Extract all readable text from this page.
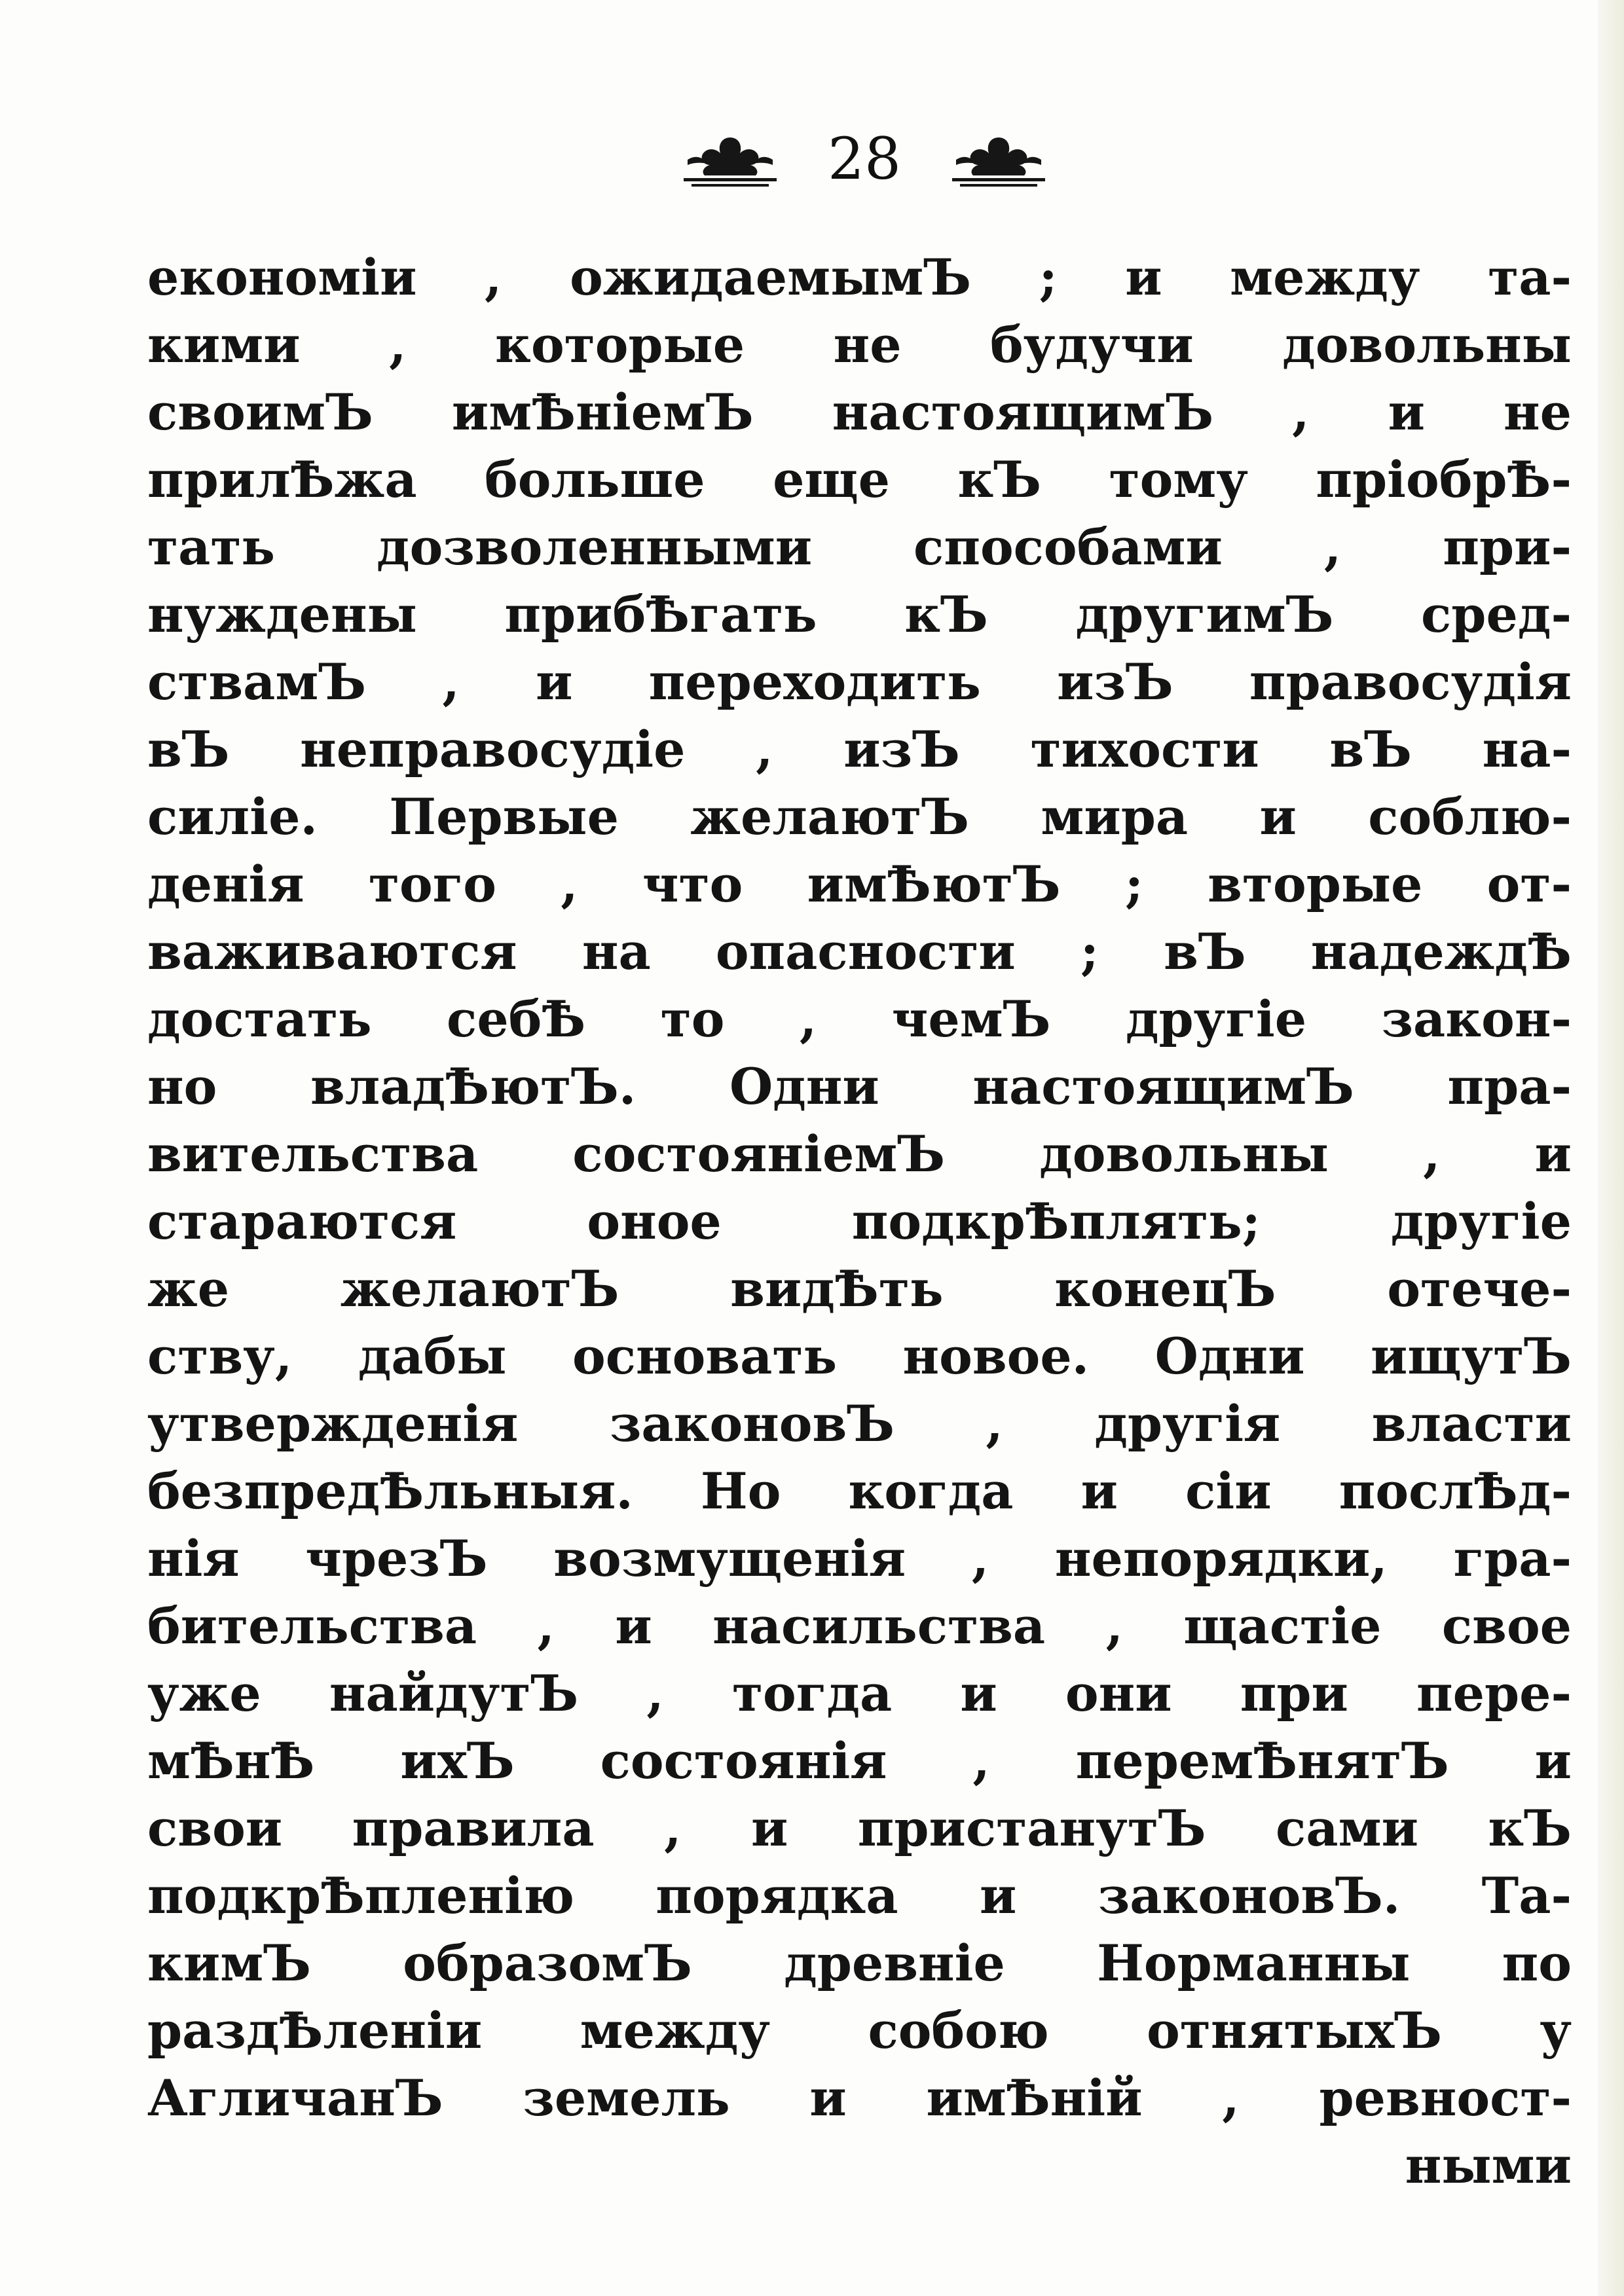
28
економіи , ожидаемымЪ ; и между та-
кими , которые не будучи довольны
своимЪ имѢніемЪ настоящимЪ , и не
прилѢжа больше еще кЪ тому пріобрѢ-
тать дозволенными способами , при-
нуждены прибѢгать кЪ другимЪ сред-
ствамЪ , и переходить изЪ правосудія
вЪ неправосудіе , изЪ тихости вЪ на-
силіе. Первые желаютЪ мира и соблю-
денія того , что имѢютЪ ; вторые от-
важиваются на опасности ; вЪ надеждѢ
достать себѢ то , чемЪ другіе закон-
но владѢютЪ. Одни настоящимЪ пра-
вительства состояніемЪ довольны , и
стараются оное подкрѢплять; другіе
же желаютЪ видѢть конецЪ отече-
ству, дабы основать новое. Одни ищутЪ
утвержденія законовЪ , другія власти
безпредѢльныя. Но когда и сіи послѢд-
нія чрезЪ возмущенія , непорядки, гра-
бительства , и насильства , щастіе свое
уже найдутЪ , тогда и они при пере-
мѢнѢ ихЪ состоянія , перемѢнятЪ и
свои правила , и пристанутЪ сами кЪ
подкрѢпленію порядка и законовЪ. Та-
кимЪ образомЪ древніе Норманны по
раздѢленіи между собою отнятыхЪ у
АгличанЪ земель и имѢній , ревност-
ными
